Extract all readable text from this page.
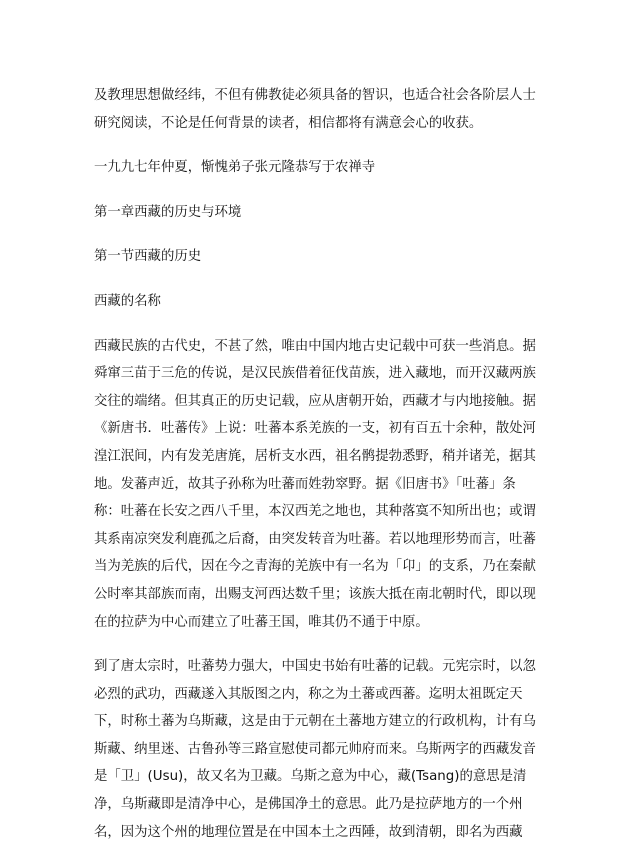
及教理思想做经纬，不但有佛教徒必须具备的智识，也适合社会各阶层人士
研究阅读，不论是任何背景的读者，相信都将有满意会心的收获。

一九九七年仲夏，惭愧弟子张元隆恭写于农禅寺

第一章西藏的历史与环境

第一节西藏的历史

西藏的名称

西藏民族的古代史，不甚了然，唯由中国内地古史记载中可获一些消息。据
舜窜三苗于三危的传说，是汉民族借着征伐苗族，进入藏地，而开汉藏两族
交往的端绪。但其真正的历史记载，应从唐朝开始，西藏才与内地接触。据
《新唐书．吐蕃传》上说：吐蕃本系羌族的一支，初有百五十余种，散处河
湟江泯间，内有发羌唐旄，居析支水西，祖名鹘提勃悉野，稍并诸羌，据其
地。发蕃声近，故其子孙称为吐蕃而姓勃窣野。据《旧唐书》「吐蕃」条
称：吐蕃在长安之西八千里，本汉西羌之地也，其种落寞不知所出也；或谓
其系南凉突发利鹿孤之后裔，由突发转音为吐蕃。若以地理形势而言，吐蕃
当为羌族的后代，因在今之青海的羌族中有一名为「卬」的支系，乃在秦献
公时率其部族而南，出赐支河西达数千里；该族大抵在南北朝时代，即以现
在的拉萨为中心而建立了吐蕃王国，唯其仍不通于中原。

到了唐太宗时，吐蕃势力强大，中国史书始有吐蕃的记载。元宪宗时，以忽
必烈的武功，西藏遂入其版图之内，称之为土蕃或西蕃。迄明太祖既定天
下，时称土蕃为乌斯藏，这是由于元朝在土蕃地方建立的行政机构，计有乌
斯藏、纳里迷、古鲁孙等三路宣慰使司都元帅府而来。乌斯两字的西藏发音
是「卫」(Usu)，故又名为卫藏。乌斯之意为中心，藏(Tsang)的意思是清
净，乌斯藏即是清净中心，是佛国净土的意思。此乃是拉萨地方的一个州
名，因为这个州的地理位置是在中国本土之西陲，故到清朝，即名为西藏
